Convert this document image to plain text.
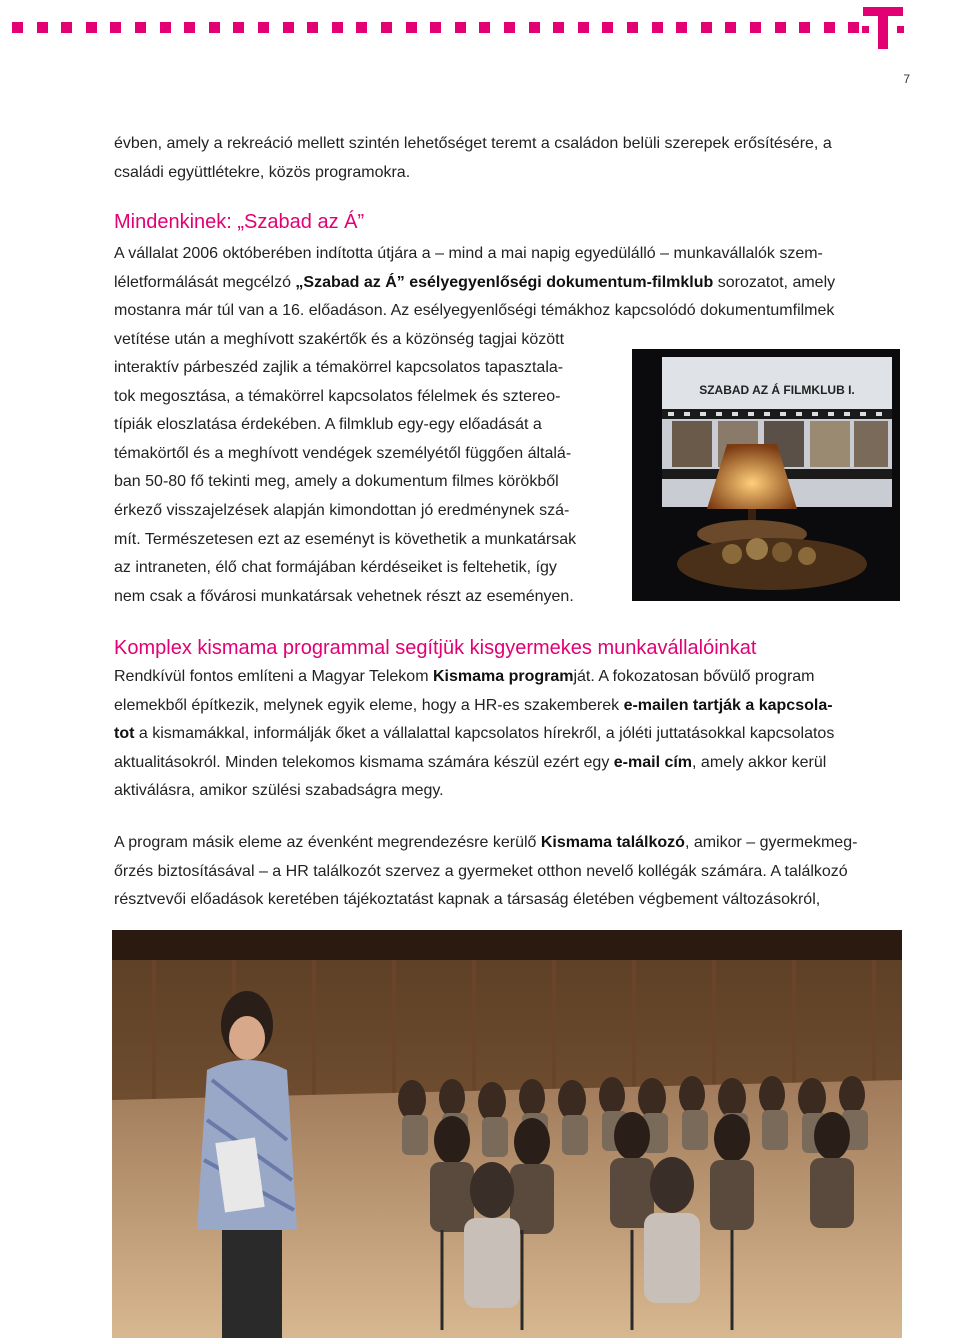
7
évben, amely a rekreáció mellett szintén lehetőséget teremt a családon belüli szerepek erősítésére, a
családi együttlétekre, közös programokra.
Mindenkinek: „Szabad az Á”
A vállalat 2006 októberében indította útjára a – mind a mai napig egyedülálló – munkavállalók szem-
léletformálását megcélzó „Szabad az Á” esélyegyenlőségi dokumentum-filmklub sorozatot, amely
mostanra már túl van a 16. előadáson. Az esélyegyenlőségi témákhoz kapcsolódó dokumentumfilmek
vetítése után a meghívott szakértők és a közönség tagjai között
interaktív párbeszéd zajlik a témakörrel kapcsolatos tapasztala-
tok megosztása, a témakörrel kapcsolatos félelmek és sztereo-
típiák eloszlatása érdekében. A filmklub egy-egy előadását a
témakörtől és a meghívott vendégek személyétől függően általá-
ban 50-80 fő tekinti meg, amely a dokumentum filmes körökből
érkező visszajelzések alapján kimondottan jó eredménynek szá-
mít. Természetesen ezt az eseményt is követhetik a munkatársak
az intraneten, élő chat formájában kérdéseiket is feltehetik, így
nem csak a fővárosi munkatársak vehetnek részt az eseményen.
SZABAD AZ Á FILMKLUB I.
Komplex kismama programmal segítjük kisgyermekes munkavállalóinkat
Rendkívül fontos említeni a Magyar Telekom Kismama programját. A fokozatosan bővülő program
elemekből építkezik, melynek egyik eleme, hogy a HR-es szakemberek e-mailen tartják a kapcsola-
tot a kismamákkal, informálják őket a vállalattal kapcsolatos hírekről, a jóléti juttatásokkal kapcsolatos
aktualitásokról. Minden telekomos kismama számára készül ezért egy e-mail cím, amely akkor kerül
aktiválásra, amikor szülési szabadságra megy.
A program másik eleme az évenként megrendezésre kerülő Kismama találkozó, amikor – gyermekmeg-
őrzés biztosításával – a HR találkozót szervez a gyermeket otthon nevelő kollégák számára. A találkozó
résztvevői előadások keretében tájékoztatást kapnak a társaság életében végbement változásokról,
